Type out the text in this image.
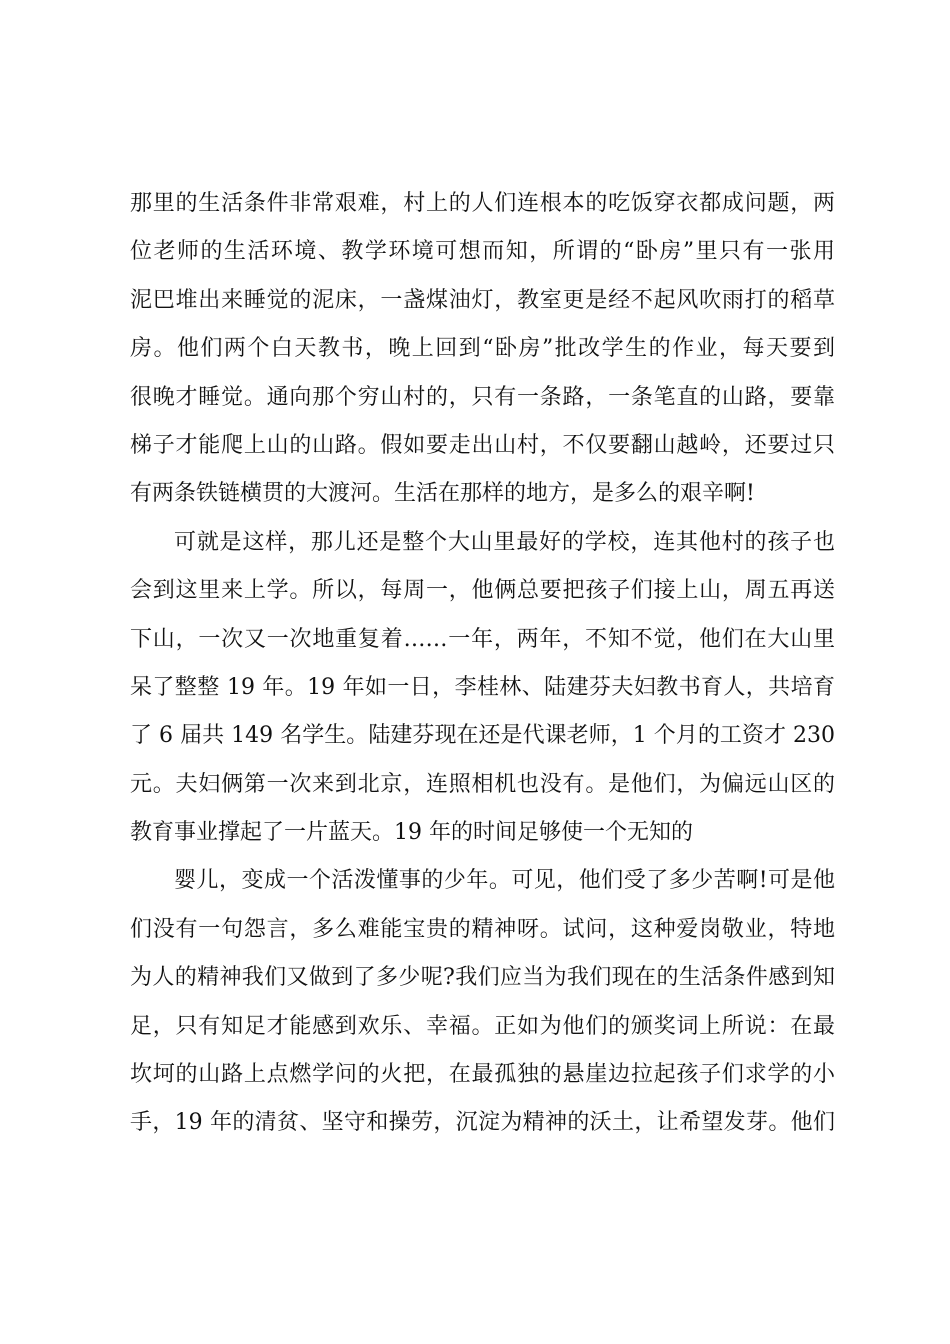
那里的生活条件非常艰难，村上的人们连根本的吃饭穿衣都成问题，两
位老师的生活环境、教学环境可想而知，所谓的“卧房”里只有一张用
泥巴堆出来睡觉的泥床，一盏煤油灯，教室更是经不起风吹雨打的稻草
房。他们两个白天教书，晚上回到“卧房”批改学生的作业，每天要到
很晚才睡觉。通向那个穷山村的，只有一条路，一条笔直的山路，要靠
梯子才能爬上山的山路。假如要走出山村，不仅要翻山越岭，还要过只
有两条铁链横贯的大渡河。生活在那样的地方，是多么的艰辛啊!
可就是这样，那儿还是整个大山里最好的学校，连其他村的孩子也
会到这里来上学。所以，每周一，他俩总要把孩子们接上山，周五再送
下山，一次又一次地重复着……一年，两年，不知不觉，他们在大山里
呆了整整 19 年。19 年如一日，李桂林、陆建芬夫妇教书育人，共培育
了 6 届共 149 名学生。陆建芬现在还是代课老师，1 个月的工资才 230
元。夫妇俩第一次来到北京，连照相机也没有。是他们，为偏远山区的
教育事业撑起了一片蓝天。19 年的时间足够使一个无知的
婴儿，变成一个活泼懂事的少年。可见，他们受了多少苦啊!可是他
们没有一句怨言，多么难能宝贵的精神呀。试问，这种爱岗敬业，特地
为人的精神我们又做到了多少呢?我们应当为我们现在的生活条件感到知
足，只有知足才能感到欢乐、幸福。正如为他们的颁奖词上所说：在最
坎坷的山路上点燃学问的火把，在最孤独的悬崖边拉起孩子们求学的小
手，19 年的清贫、坚守和操劳，沉淀为精神的沃土，让希望发芽。他们
